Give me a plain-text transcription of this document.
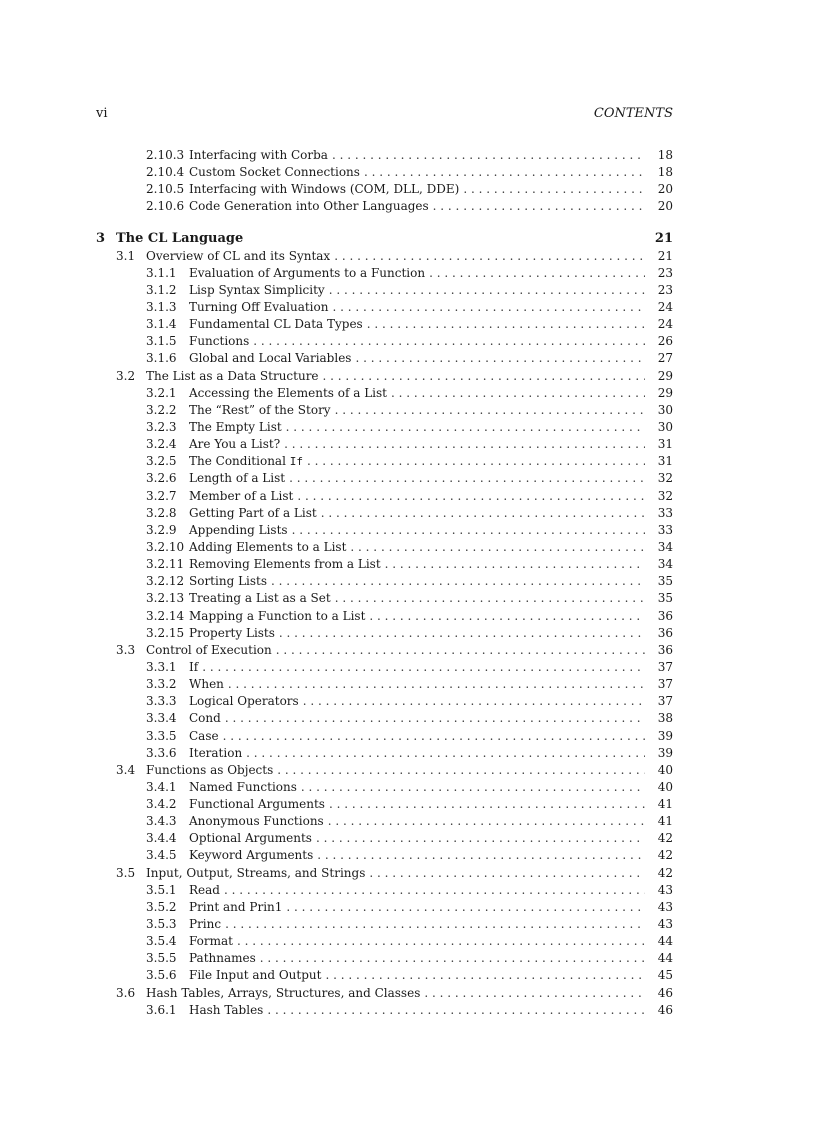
vi	CONTENTS
2.10.3 Interfacing with Corba . . .	18
2.10.4 Custom Socket Connections . . .	18
2.10.5 Interfacing with Windows (COM, DLL, DDE) . . .	20
2.10.6 Code Generation into Other Languages . . .	20
3 The CL Language	21
3.1 Overview of CL and its Syntax . . .	21
3.1.1	Evaluation of Arguments to a Function . . .	23
3.1.2	Lisp Syntax Simplicity . . .	23
3.1.3	Turning Off Evaluation . . .	24
3.1.4	Fundamental CL Data Types . . .	24
3.1.5	Functions . . .	26
3.1.6	Global and Local Variables . . .	27
3.2 The List as a Data Structure . . .	29
3.2.1	Accessing the Elements of a List . . .	29
3.2.2	The “Rest” of the Story . . .	30
3.2.3	The Empty List . . .	30
3.2.4	Are You a List? . . .	31
3.2.5	The Conditional If . . .	31
3.2.6	Length of a List . . .	32
3.2.7	Member of a List . . .	32
3.2.8	Getting Part of a List . . .	33
3.2.9	Appending Lists . . .	33
3.2.10 Adding Elements to a List . . .	34
3.2.11 Removing Elements from a List . . .	34
3.2.12 Sorting Lists . . .	35
3.2.13 Treating a List as a Set . . .	35
3.2.14 Mapping a Function to a List . . .	36
3.2.15 Property Lists . . .	36
3.3 Control of Execution . . .	36
3.3.1	If . . .	37
3.3.2	When . . .	37
3.3.3	Logical Operators . . .	37
3.3.4	Cond . . .	38
3.3.5	Case . . .	39
3.3.6	Iteration . . .	39
3.4 Functions as Objects . . .	40
3.4.1	Named Functions . . .	40
3.4.2	Functional Arguments . . .	41
3.4.3	Anonymous Functions . . .	41
3.4.4	Optional Arguments . . .	42
3.4.5	Keyword Arguments . . .	42
3.5 Input, Output, Streams, and Strings . . .	42
3.5.1	Read . . .	43
3.5.2	Print and Prin1 . . .	43
3.5.3	Princ . . .	43
3.5.4	Format . . .	44
3.5.5	Pathnames . . .	44
3.5.6	File Input and Output . . .	45
3.6 Hash Tables, Arrays, Structures, and Classes . . .	46
3.6.1	Hash Tables . . .	46
